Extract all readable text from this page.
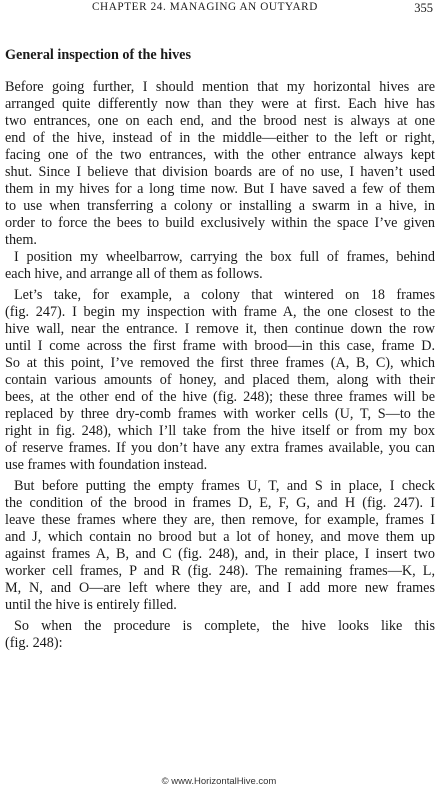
CHAPTER 24. MANAGING AN OUTYARD	355
General inspection of the hives
Before going further, I should mention that my horizontal hives are
arranged quite differently now than they were at first. Each hive has
two entrances, one on each end, and the brood nest is always at one
end of the hive, instead of in the middle—either to the left or right,
facing one of the two entrances, with the other entrance always kept
shut. Since I believe that division boards are of no use, I haven’t used
them in my hives for a long time now. But I have saved a few of them
to use when transferring a colony or installing a swarm in a hive, in
order to force the bees to build exclusively within the space I’ve given
them.
I position my wheelbarrow, carrying the box full of frames, behind
each hive, and arrange all of them as follows.
Let’s take, for example, a colony that wintered on 18 frames
(fig. 247). I begin my inspection with frame A, the one closest to the
hive wall, near the entrance. I remove it, then continue down the row
until I come across the first frame with brood—in this case, frame D.
So at this point, I’ve removed the first three frames (A, B, C), which
contain various amounts of honey, and placed them, along with their
bees, at the other end of the hive (fig. 248); these three frames will be
replaced by three dry-comb frames with worker cells (U, T, S—to the
right in fig. 248), which I’ll take from the hive itself or from my box
of reserve frames. If you don’t have any extra frames available, you can
use frames with foundation instead.
But before putting the empty frames U, T, and S in place, I check
the condition of the brood in frames D, E, F, G, and H (fig. 247). I
leave these frames where they are, then remove, for example, frames I
and J, which contain no brood but a lot of honey, and move them up
against frames A, B, and C (fig. 248), and, in their place, I insert two
worker cell frames, P and R (fig. 248). The remaining frames—K, L,
M, N, and O—are left where they are, and I add more new frames
until the hive is entirely filled.
So when the procedure is complete, the hive looks like this
(fig. 248):
© www.HorizontalHive.com
